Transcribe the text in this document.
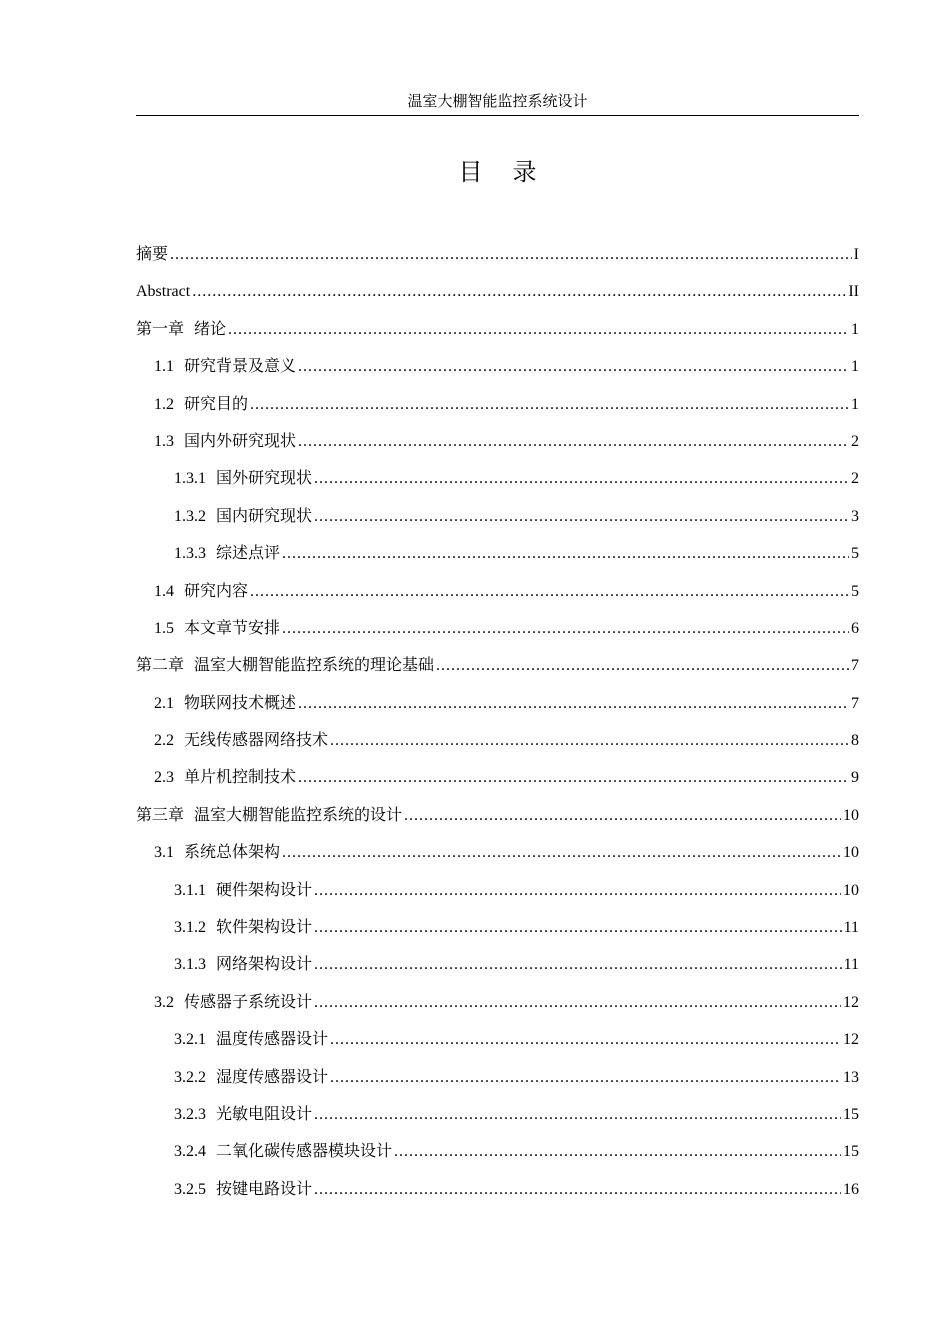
温室大棚智能监控系统设计
目 录
摘要 .....	I
Abstract .....	II
第一章 绪论 .....	1
1.1 研究背景及意义 .....	1
1.2 研究目的 .....	1
1.3 国内外研究现状 .....	2
1.3.1 国外研究现状 .....	2
1.3.2 国内研究现状 .....	3
1.3.3 综述点评 .....	5
1.4 研究内容 .....	5
1.5 本文章节安排 .....	6
第二章 温室大棚智能监控系统的理论基础 .....	7
2.1 物联网技术概述 .....	7
2.2 无线传感器网络技术 .....	8
2.3 单片机控制技术 .....	9
第三章 温室大棚智能监控系统的设计 .....	10
3.1 系统总体架构 .....	10
3.1.1 硬件架构设计 .....	10
3.1.2 软件架构设计 .....	11
3.1.3 网络架构设计 .....	11
3.2 传感器子系统设计 .....	12
3.2.1 温度传感器设计 .....	12
3.2.2 湿度传感器设计 .....	13
3.2.3 光敏电阻设计 .....	15
3.2.4 二氧化碳传感器模块设计 .....	15
3.2.5 按键电路设计 .....	16
